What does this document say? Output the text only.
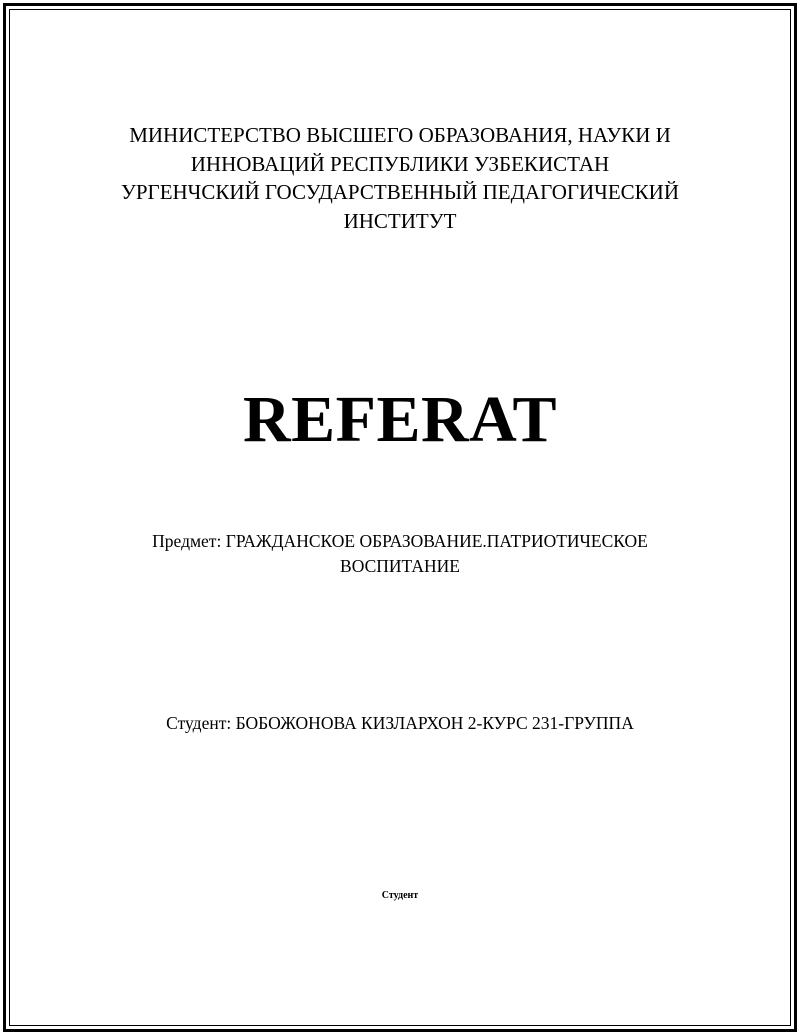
МИНИСТЕРСТВО ВЫСШЕГО ОБРАЗОВАНИЯ, НАУКИ И
ИННОВАЦИЙ РЕСПУБЛИКИ УЗБЕКИСТАН
УРГЕНЧСКИЙ ГОСУДАРСТВЕННЫЙ ПЕДАГОГИЧЕСКИЙ
ИНСТИТУТ
REFERAT
Предмет: ГРАЖДАНСКОЕ ОБРАЗОВАНИЕ.ПАТРИОТИЧЕСКОЕ
ВОСПИТАНИЕ
Студент: БОБОЖОНОВА КИЗЛАРХОН 2-КУРС 231-ГРУППА
Студент
